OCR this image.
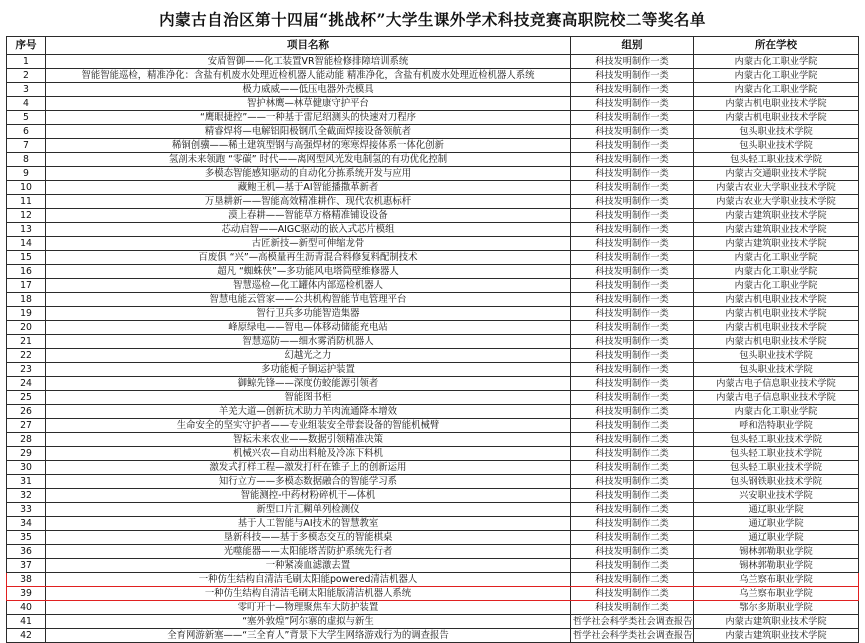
内蒙古自治区第十四届“挑战杯”大学生课外学术科技竞赛高职院校二等奖名单
序号	项目名称	组别	所在学校
1	安盾智御——化工装置VR智能检修排障培训系统	科技发明制作一类	内蒙古化工职业学院
2	智能智能巡检，精准净化：含盐有机废水处理近检机器人能动能 精准净化，含盐有机废水处理近检机器人系统	科技发明制作一类	内蒙古化工职业学院
3	极力威威——低压电器外壳模具	科技发明制作一类	内蒙古化工职业学院
4	智护林鹰—林草健康守护平台	科技发明制作一类	内蒙古机电职业技术学院
5	“鹰眼捷控”——一种基于雷尼绍测头的快速对刀程序	科技发明制作一类	内蒙古机电职业技术学院
6	精睿焊将—电解铝阳极钢爪全截面焊接设备领航者	科技发明制作一类	包头职业技术学院
7	稀铜创骥——稀土建筑型钢与高强焊材的寒寒焊接体系一体化创新	科技发明制作一类	包头职业技术学院
8	氢剖未来领跑 “零碳” 时代——离网型风光发电制氢的有功优化控制	科技发明制作一类	包头轻工职业技术学院
9	多模态智能感知驱动的自动化分拣系统开发与应用	科技发明制作一类	内蒙古交通职业技术学院
10	藏鲍王机—基于AI智能播撒革新者	科技发明制作一类	内蒙古农业大学职业技术学院
11	万垦耕新——智能高效精准耕作、现代农机惠标杆	科技发明制作一类	内蒙古农业大学职业技术学院
12	漠上春耕——智能草方格精准铺设设备	科技发明制作一类	内蒙古建筑职业技术学院
13	芯动启智——AIGC驱动的嵌入式芯片模组	科技发明制作一类	内蒙古建筑职业技术学院
14	古匠新技—新型可伸缩龙骨	科技发明制作一类	内蒙古建筑职业技术学院
15	百废俱 “兴”—高模量再生沥青混合料修复料配制技术	科技发明制作一类	内蒙古化工职业学院
16	超凡 “蜘蛛侠”—多功能风电塔筒壁维修器人	科技发明制作一类	内蒙古化工职业学院
17	智慧巡检—化工罐体内部巡检机器人	科技发明制作一类	内蒙古化工职业学院
18	智慧电能云管家——公共机构智能节电管理平台	科技发明制作一类	内蒙古机电职业技术学院
19	智行卫兵多功能智造集器	科技发明制作一类	内蒙古机电职业技术学院
20	峰原绿电——智电—体移动储能充电站	科技发明制作一类	内蒙古机电职业技术学院
21	智慧巡防——细水雾消防机器人	科技发明制作一类	内蒙古机电职业技术学院
22	幻越光之力	科技发明制作一类	包头职业技术学院
23	多功能栀子铜运护装置	科技发明制作一类	包头职业技术学院
24	御鲸先锋——深度仿蛟能源引领者	科技发明制作一类	内蒙古电子信息职业技术学院
25	智能图书柜	科技发明制作一类	内蒙古电子信息职业技术学院
26	羊羌大道—创新抗术助力羊肉流通降本增效	科技发明制作二类	内蒙古化工职业学院
27	生命安全的坚实守护者——专业组装安全带套设备的智能机械臂	科技发明制作二类	呼和浩特职业学院
28	智耘未来农业——数据引领精准决策	科技发明制作二类	包头轻工职业技术学院
29	机械兴农—自动出料舱及冷冻下料机	科技发明制作二类	包头轻工职业技术学院
30	激发式打样工程—激发打杆在锥子上的创新运用	科技发明制作二类	包头轻工职业技术学院
31	知行立方——多模态数据融合的智能学习系	科技发明制作二类	包头钢铁职业技术学院
32	智能测控-中药材粉碎机干—体机	科技发明制作二类	兴安职业技术学院
33	新型口片汇糊单列检测仪	科技发明制作二类	通辽职业学院
34	基于人工智能与AI技术的智慧教室	科技发明制作二类	通辽职业学院
35	垦新科技——基于多模态交互的智能棋桌	科技发明制作二类	通辽职业学院
36	光噬能器——太阳能塔苦防护系统先行者	科技发明制作二类	锡林郭勒职业学院
37	一种紧凑血滤激去置	科技发明制作二类	锡林郭勒职业学院
38	一种仿生结构自清洁毛刷太阳能powered清洁机器人	科技发明制作二类	乌兰察布职业学院
39	一种仿生结构自清洁毛刷太阳能版清洁机器人系统	科技发明制作二类	乌兰察布职业学院
40	零叮开十—物理聚焦车大防护装置	科技发明制作二类	鄂尔多斯职业学院
41	“塞外敦煌”阿尔寨的虚拟与新生	哲学社会科学类社会调查报告	内蒙古建筑职业技术学院
42	全育网游新塞——“三全育人”背景下大学生网络游戏行为的调查报告	哲学社会科学类社会调查报告	内蒙古建筑职业技术学院
